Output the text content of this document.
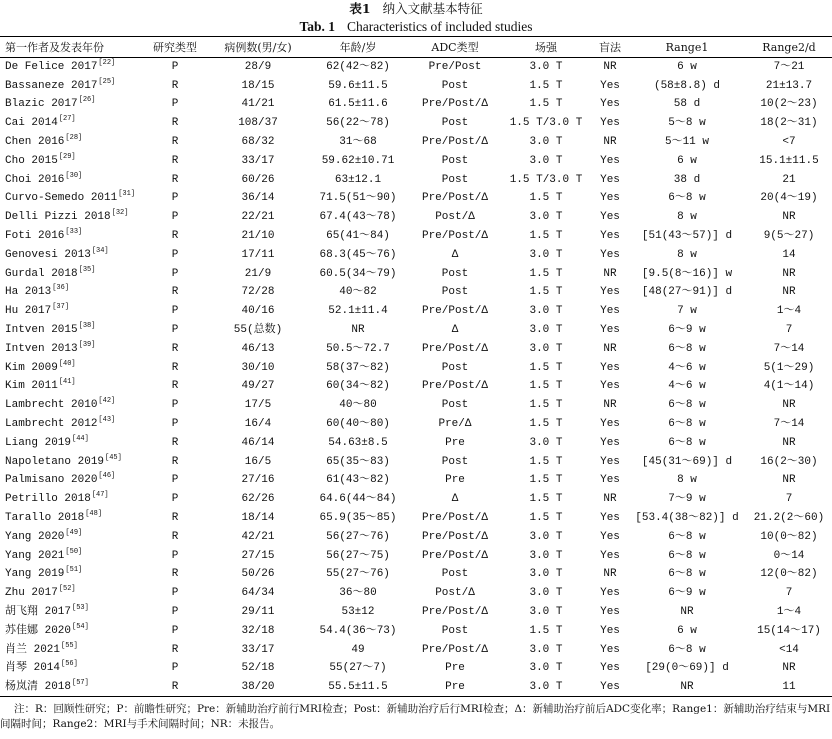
表1 纳入文献基本特征
Tab. 1 Characteristics of included studies
第一作者及发表年份	研究类型	病例数(男/女)	年龄/岁	ADC类型	场强	盲法	Range1	Range2/d
De Felice 2017[22]	P	28/9	62(42～82)	Pre/Post	3.0 T	NR	6 w	7～21
Bassaneze 2017[25]	R	18/15	59.6±11.5	Post	1.5 T	Yes	(58±8.8) d	21±13.7
Blazic 2017[26]	P	41/21	61.5±11.6	Pre/Post/Δ	1.5 T	Yes	58 d	10(2～23)
Cai 2014[27]	R	108/37	56(22～78)	Post	1.5 T/3.0 T	Yes	5～8 w	18(2～31)
Chen 2016[28]	R	68/32	31～68	Pre/Post/Δ	3.0 T	NR	5～11 w	<7
Cho 2015[29]	R	33/17	59.62±10.71	Post	3.0 T	Yes	6 w	15.1±11.5
Choi 2016[30]	R	60/26	63±12.1	Post	1.5 T/3.0 T	Yes	38 d	21
Curvo-Semedo 2011[31]	P	36/14	71.5(51～90)	Pre/Post/Δ	1.5 T	Yes	6～8 w	20(4～19)
Delli Pizzi 2018[32]	P	22/21	67.4(43～78)	Post/Δ	3.0 T	Yes	8 w	NR
Foti 2016[33]	R	21/10	65(41～84)	Pre/Post/Δ	1.5 T	Yes	[51(43～57)] d	9(5～27)
Genovesi 2013[34]	P	17/11	68.3(45～76)	Δ	3.0 T	Yes	8 w	14
Gurdal 2018[35]	P	21/9	60.5(34～79)	Post	1.5 T	NR	[9.5(8～16)] w	NR
Ha 2013[36]	R	72/28	40～82	Post	1.5 T	Yes	[48(27～91)] d	NR
Hu 2017[37]	P	40/16	52.1±11.4	Pre/Post/Δ	3.0 T	Yes	7 w	1～4
Intven 2015[38]	P	55(总数)	NR	Δ	3.0 T	Yes	6～9 w	7
Intven 2013[39]	R	46/13	50.5～72.7	Pre/Post/Δ	3.0 T	NR	6～8 w	7～14
Kim 2009[40]	R	30/10	58(37～82)	Post	1.5 T	Yes	4～6 w	5(1～29)
Kim 2011[41]	R	49/27	60(34～82)	Pre/Post/Δ	1.5 T	Yes	4～6 w	4(1～14)
Lambrecht 2010[42]	P	17/5	40～80	Post	1.5 T	NR	6～8 w	NR
Lambrecht 2012[43]	P	16/4	60(40～80)	Pre/Δ	1.5 T	Yes	6～8 w	7～14
Liang 2019[44]	R	46/14	54.63±8.5	Pre	3.0 T	Yes	6～8 w	NR
Napoletano 2019[45]	R	16/5	65(35～83)	Post	1.5 T	Yes	[45(31～69)] d	16(2～30)
Palmisano 2020[46]	P	27/16	61(43～82)	Pre	1.5 T	Yes	8 w	NR
Petrillo 2018[47]	P	62/26	64.6(44～84)	Δ	1.5 T	NR	7～9 w	7
Tarallo 2018[48]	R	18/14	65.9(35～85)	Pre/Post/Δ	1.5 T	Yes	[53.4(38～82)] d	21.2(2～60)
Yang 2020[49]	R	42/21	56(27～76)	Pre/Post/Δ	3.0 T	Yes	6～8 w	10(0～82)
Yang 2021[50]	P	27/15	56(27～75)	Pre/Post/Δ	3.0 T	Yes	6～8 w	0～14
Yang 2019[51]	R	50/26	55(27～76)	Post	3.0 T	NR	6～8 w	12(0～82)
Zhu 2017[52]	P	64/34	36～80	Post/Δ	3.0 T	Yes	6～9 w	7
胡飞翔 2017[53]	P	29/11	53±12	Pre/Post/Δ	3.0 T	Yes	NR	1～4
苏佳娜 2020[54]	P	32/18	54.4(36～73)	Post	1.5 T	Yes	6 w	15(14～17)
肖兰 2021[55]	R	33/17	49	Pre/Post/Δ	3.0 T	Yes	6～8 w	<14
肖琴 2014[56]	P	52/18	55(27～7)	Pre	3.0 T	Yes	[29(0～69)] d	NR
杨岚清 2018[57]	R	38/20	55.5±11.5	Pre	3.0 T	Yes	NR	11
注：R：回顾性研究；P：前瞻性研究；Pre：新辅助治疗前行MRI检查；Post：新辅助治疗后行MRI检查；Δ：新辅助治疗前后ADC变化率；Range1：新辅助治疗结束与MRI间隔时间；Range2：MRI与手术间隔时间；NR：未报告。
